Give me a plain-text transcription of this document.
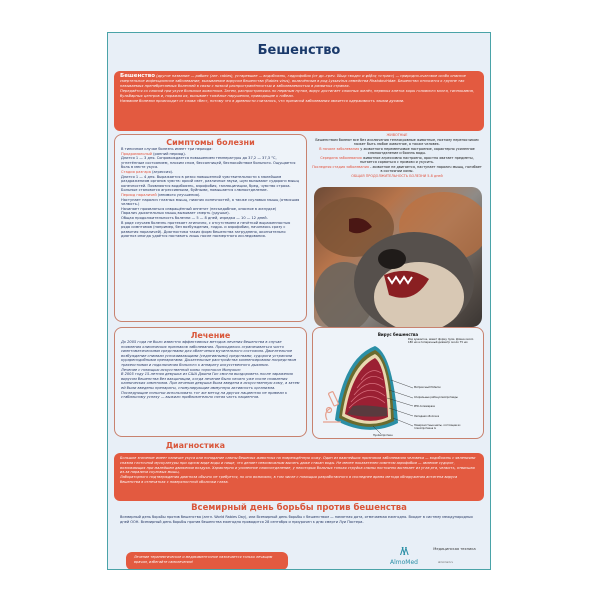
Бешенство

Бешенство (другое название — рабиес (лат. rabies), устаревшее — водобоязнь, гидрофобия (от др.-греч. ὕδωρ «вода» и φόβος «страх») — природно-очаговое особо опасное смертельное инфекционное заболевание, вызываемое вирусом бешенства (Rabies virus), включённым в род Lyssavirus семейства Rhabdoviridae. Бешенство относится к группе так называемых пренебрегаемых болезней в связи с низкой распространённостью и заболеваемостью в развитых странах.

Передаётся со слюной при укусе больным животным. Затем, распространяясь по нервным путям, вирус достигает слюнных желёз, нервных клеток коры головного мозга, гиппокампа, бульбарных центров и, поражая их, вызывает тяжёлые нарушения, приводящие к гибели.

Название болезни происходит от слова «бес», потому что в древности считалось, что причиной заболевания является одержимость злыми духами.

Симптомы болезни

В типичном случае болезнь имеет три периода:

Продромальный (ранний период).

Длится 1 — 3 дня. Сопровождается повышением температуры до 37,2 — 37,3 °С, угнетённым состоянием, плохим сном, бессонницей, беспокойством больного. Ощущается боль в месте укуса.

Стадия разгара (агрессия).

Длится 1 — 4 дня. Выражается в резко повышенной чувствительности к малейшим раздражениям органов чувств: яркий свет, различные звуки, шум вызывают судороги мышц конечностей. Появляются водобоязнь, аэрофобия, галлюцинации, бред, чувство страха. Больные становятся агрессивными, буйными, повышается слюноотделение.

Период параличей (мнимого улучшения).

Наступает паралич глазных мышц, нижних конечностей, а также скуловых мышц (отвисшая челюсть.)

Начинает проявляться извращённый аппетит (несъедобное, опасное в желудке)

Паралич дыхательных мышц вызывает смерть (удушье).

Общая продолжительность болезни — 5 — 8 дней, изредка — 10 — 12 дней.

В ряде случаев болезнь протекает атипично, с отсутствием и нечёткой выраженностью ряда симптомов (например, без возбуждения, гидро- и аэрофобии, начинаясь сразу с развития параличей). Диагностика таких форм бешенства затруднено, окончательно диагноз иногда удаётся поставить лишь после посмертного исследования.

ЖИВОТНЫЕ
Бешенством болеют все без исключения теплокровные животные, поэтому переносчиком может быть любое животное, а также человек.
В начале заболевания у животного переменчивое настроение, характерно усиленное слюноотделение и боязнь воды.
Середина заболевания животное агрессивно настроено, яростно хватает предметы, пытается сорваться с привязи и укусить.
Последняя стадия заболевания - животное не двигается, наступает паралич мышц, погибает в состоянии комы.
ОБЩАЯ ПРОДОЛЖИТЕЛЬНОСТЬ БОЛЕЗНИ 5-8 дней
Лечение

До 2005 года не было известно эффективных методов лечения бешенства в случае появления клинических признаков заболевания. Приходилось ограничиваться чисто симптоматическими средствами для облегчения мучительного состояния. Двигательное возбуждение снимали успокаивающими (седативными) средствами, судороги устраняли курареподобными препаратами. Дыхательные расстройства компенсировали посредством трахеостомии и подключения больного к аппарату искусственного дыхания.

Лечение с помощью искусственной комы «протокол Милуоки»

В 2005 году 15-летняя девушка из США Джина Гис смогла выздороветь после заражения вирусом бешенства без вакцинации, когда лечение было начато уже после появления клинических симптомов. При лечении девушка была введена в искусственную кому, а затем ей были введены препараты, стимулирующие иммунную активность организма. Последующие попытки использовать тот же метод на других пациентах не привели к стабильному успеху — выжило приблизительно пятая часть пациентов.

Вирус бешенства
Род Lyssavirus, имеет форму пули. Длина около 180 нм а поперечный диаметр около 75 нм
Матриксный M-белок
Спиральные рибонуклеопротеиды
РНК-полимераза
Липидная оболочка
Поверхностные шипы, состоящие из гликопротеина G
Нуклеопротеин
Диагностика

Большое значение имеет наличие укуса или попадание слюны бешеных животных на повреждённую кожу. Один из важнейших признаков заболевания человека — водобоязнь с явлениями спазма глоточной мускулатуры при одном виде воды и пище, что делает невозможным выпить даже стакан воды. Не менее показателен симптом аэрофобии — явление судорог, возникающих при малейшем движении воздуха. Характерно и усиленное слюноотделение, у некоторых больных тонкая струйка слюны постоянно вытекает из угла рта, челюсть, отвисшая из-за паралича скуловых мышц.

Лабораторного подтверждения диагноза обычно не требуется, но оно возможно, в том числе с помощью разработанного в последнее время метода обнаружения антигена вируса бешенства в отпечатках с поверхностной оболочки глаза.

Всемирный день борьбы против бешенства
Всемирный день борьбы против бешенства (англ. World Rabies Day), или Всемирный день борьбы с бешенством — памятная дата, отмечаемая ежегодно. Входит в систему международных дней ООН. Всемирный день борьбы против бешенства ежегодно проводится 28 сентября и приурочен к дню смерти Луи Пастера.
Лечение терапевтическое и медикаментозное назначается только лечащим врачом, избегайте самолечения!
/\/\
AlmoMed
Медицинская техника
almomed.ru
